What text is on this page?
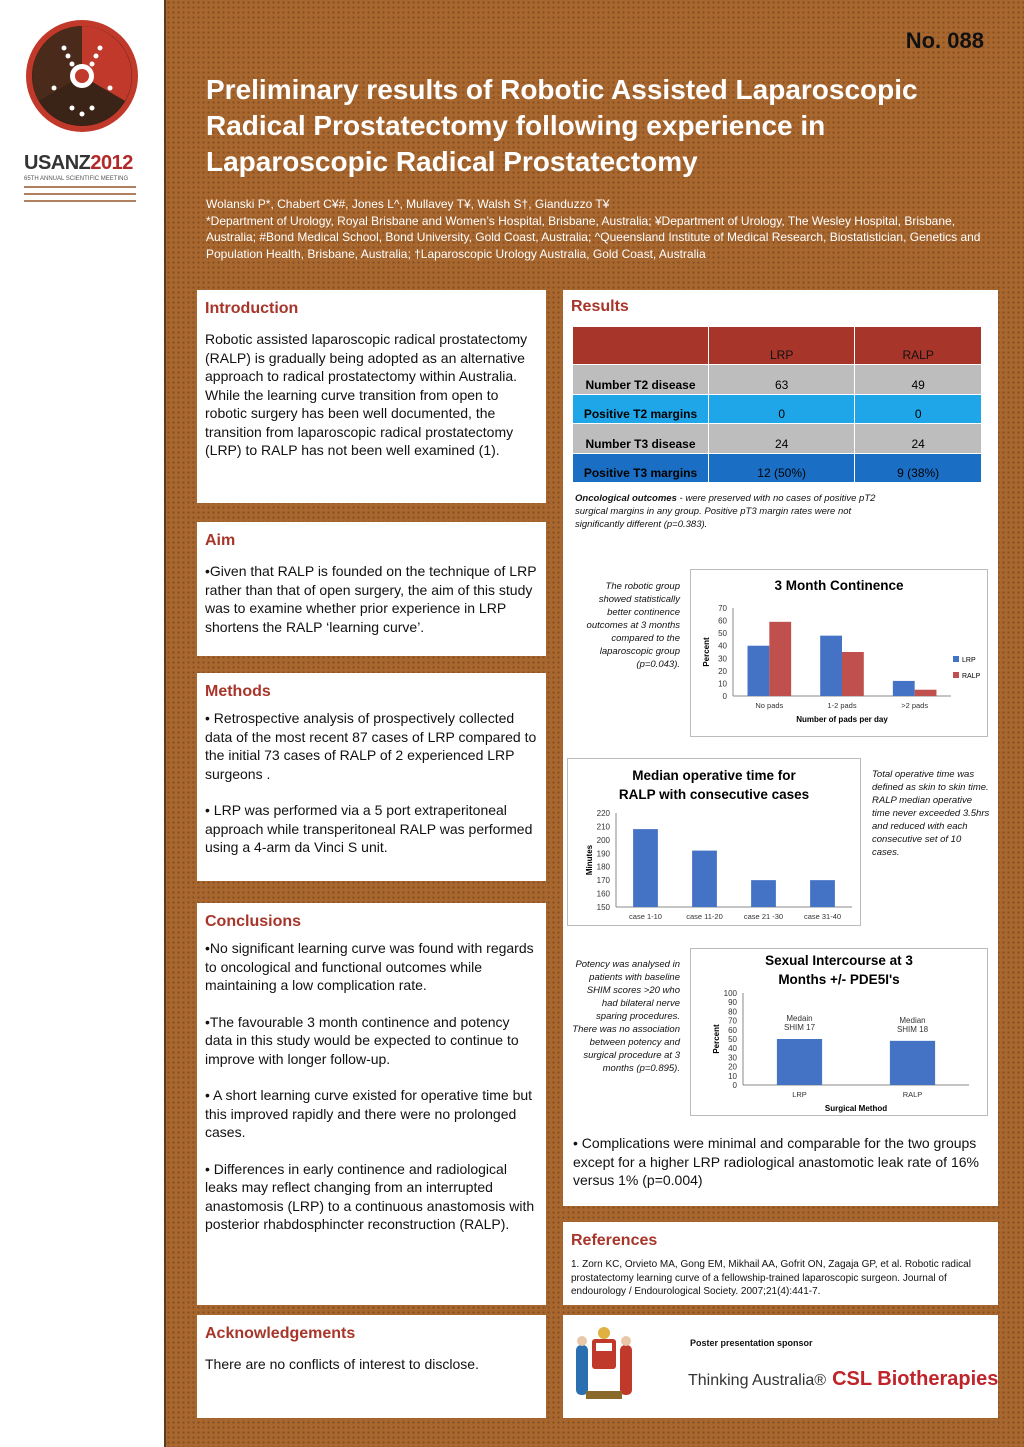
USANZ2012
65TH ANNUAL SCIENTIFIC MEETING
No. 088
Preliminary results of Robotic Assisted Laparoscopic Radical Prostatectomy following experience in Laparoscopic Radical Prostatectomy
Wolanski P*, Chabert C¥#, Jones L^, Mullavey T¥, Walsh S†, Gianduzzo T¥
*Department of Urology, Royal Brisbane and Women’s Hospital, Brisbane, Australia; ¥Department of Urology, The Wesley Hospital, Brisbane, Australia; #Bond Medical School, Bond University, Gold Coast, Australia; ^Queensland Institute of Medical Research, Biostatistician, Genetics and Population Health, Brisbane, Australia; †Laparoscopic Urology Australia, Gold Coast, Australia
Introduction

Robotic assisted laparoscopic radical prostatectomy (RALP) is gradually being adopted as an alternative approach to radical prostatectomy within Australia. While the learning curve transition from open to robotic surgery has been well documented, the transition from laparoscopic radical prostatectomy (LRP) to RALP has not been well examined (1).

Aim

•Given that RALP is founded on the technique of LRP rather than that of open surgery, the aim of this study was to examine whether prior experience in LRP shortens the RALP ‘learning curve’.

Methods

• Retrospective analysis of prospectively collected data of the most recent 87 cases of LRP compared to the initial 73 cases of RALP of 2 experienced LRP surgeons .

• LRP was performed via a 5 port extraperitoneal approach while transperitoneal RALP was performed using a 4-arm da Vinci S unit.

Conclusions

•No significant learning curve was found with regards to oncological and functional outcomes while maintaining a low complication rate.

•The favourable 3 month continence and potency data in this study would be expected to continue to improve with longer follow-up.

• A short learning curve existed for operative time but this improved rapidly and there were no prolonged cases.

• Differences in early continence and radiological leaks may reflect changing from an interrupted anastomosis (LRP) to a continuous anastomosis with posterior rhabdosphincter reconstruction (RALP).

Acknowledgements

There are no conflicts of interest to disclose.

Results
	LRP	RALP
Number T2 disease	63	49
Positive T2 margins	0	0
Number T3 disease	24	24
Positive T3 margins	12 (50%)	9 (38%)
Oncological outcomes - were preserved with no cases of positive pT2 surgical margins in any group. Positive pT3 margin rates were not significantly different (p=0.383).
The robotic group showed statistically better continence outcomes at 3 months compared to the laparoscopic group (p=0.043).
3 Month Continence
0
10
20
30
40
50
60
70
Percent
Number of pads per day
No pads	1-2 pads	>2 pads
LRP
RALP
Median operative time for
RALP with consecutive cases
150
160
170
180
190
200
210
220
Minutes
case 1-10	case 11-20	case 21 -30	case 31-40
Total operative time was defined as skin to skin time. RALP median operative time never exceeded 3.5hrs and reduced with each consecutive set of 10 cases.
Potency was analysed in patients with baseline SHIM scores >20 who had bilateral nerve sparing procedures. There was no association between potency and surgical procedure at 3 months (p=0.895).
Sexual Intercourse at 3
Months +/- PDE5I's
0
10
20
30
40
50
60
70
80
90
100
Percent
Surgical Method
LRP
Medain
SHIM 17
RALP
Median
SHIM 18
• Complications were minimal and comparable for the two groups except for a higher LRP radiological anastomotic leak rate of 16% versus 1% (p=0.004)
References

1. Zorn KC, Orvieto MA, Gong EM, Mikhail AA, Gofrit ON, Zagaja GP, et al. Robotic radical prostatectomy learning curve of a fellowship-trained laparoscopic surgeon. Journal of endourology / Endourological Society. 2007;21(4):441-7.

Poster presentation sponsor
Thinking Australia® CSL Biotherapies
